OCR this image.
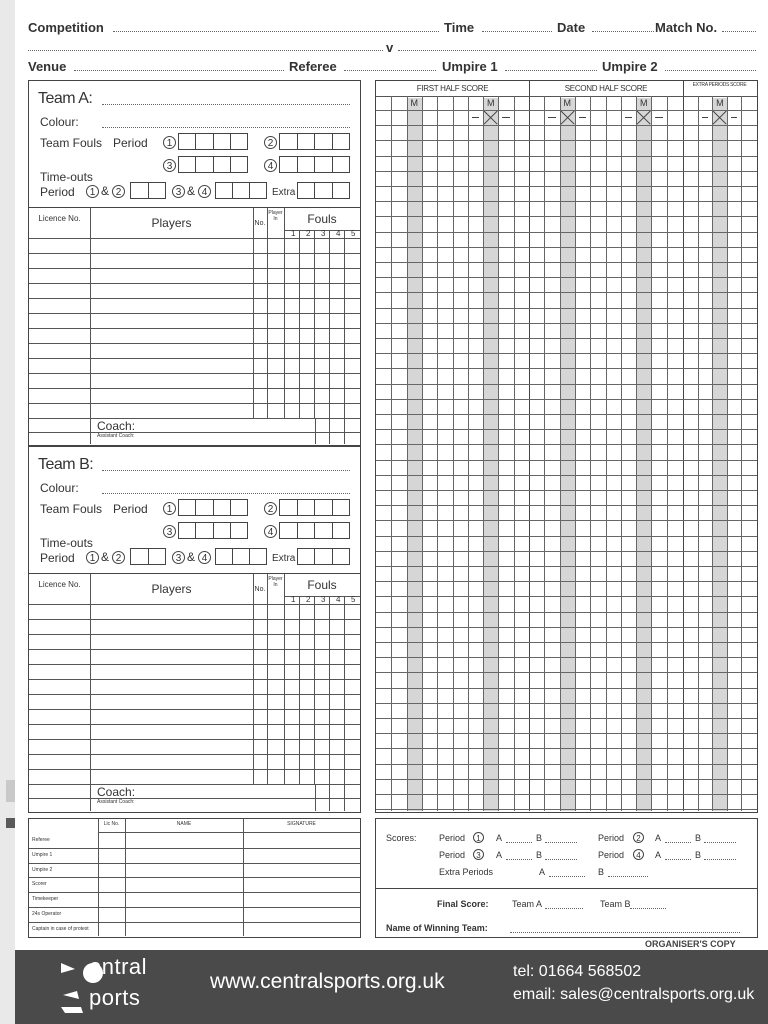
Competition	Time	Date	Match No.
v
Venue	Referee	Umpire 1	Umpire 2
Team A:
Colour:
Team Fouls Period	1	2
3	4
Time-outs
Period	1 & 2	3 & 4	Extra
Licence No.	Players	No.
Player In	Fouls
1 2 3 4 5
Coach:
Assistant Coach:
Team B:
Colour:
Team Fouls Period	1	2
3	4
Time-outs
Period	1 & 2	3 & 4	Extra
Licence No.	Players	No.
Player In	Fouls
1 2 3 4 5
Coach:
Assistant Coach:
FIRST HALF SCORE	SECOND HALF SCORE	EXTRA PERIODS SCORE
M	M	M	M	M
Lic No.	NAME	SIGNATURE
Referee
Umpire 1
Umpire 2
Scorer
Timekeeper
24s Operator
Captain in case of protest
Scores: Period	1	A	B	Period	2	A	B
Period	3	A	B	Period	4	A	B
Extra Periods	A	B
Final Score:	Team A	Team B
Name of Winning Team:
ORGANISER'S COPY
entral
ports
www.centralsports.org.uk	tel: 01664 568502
email: sales@centralsports.org.uk
